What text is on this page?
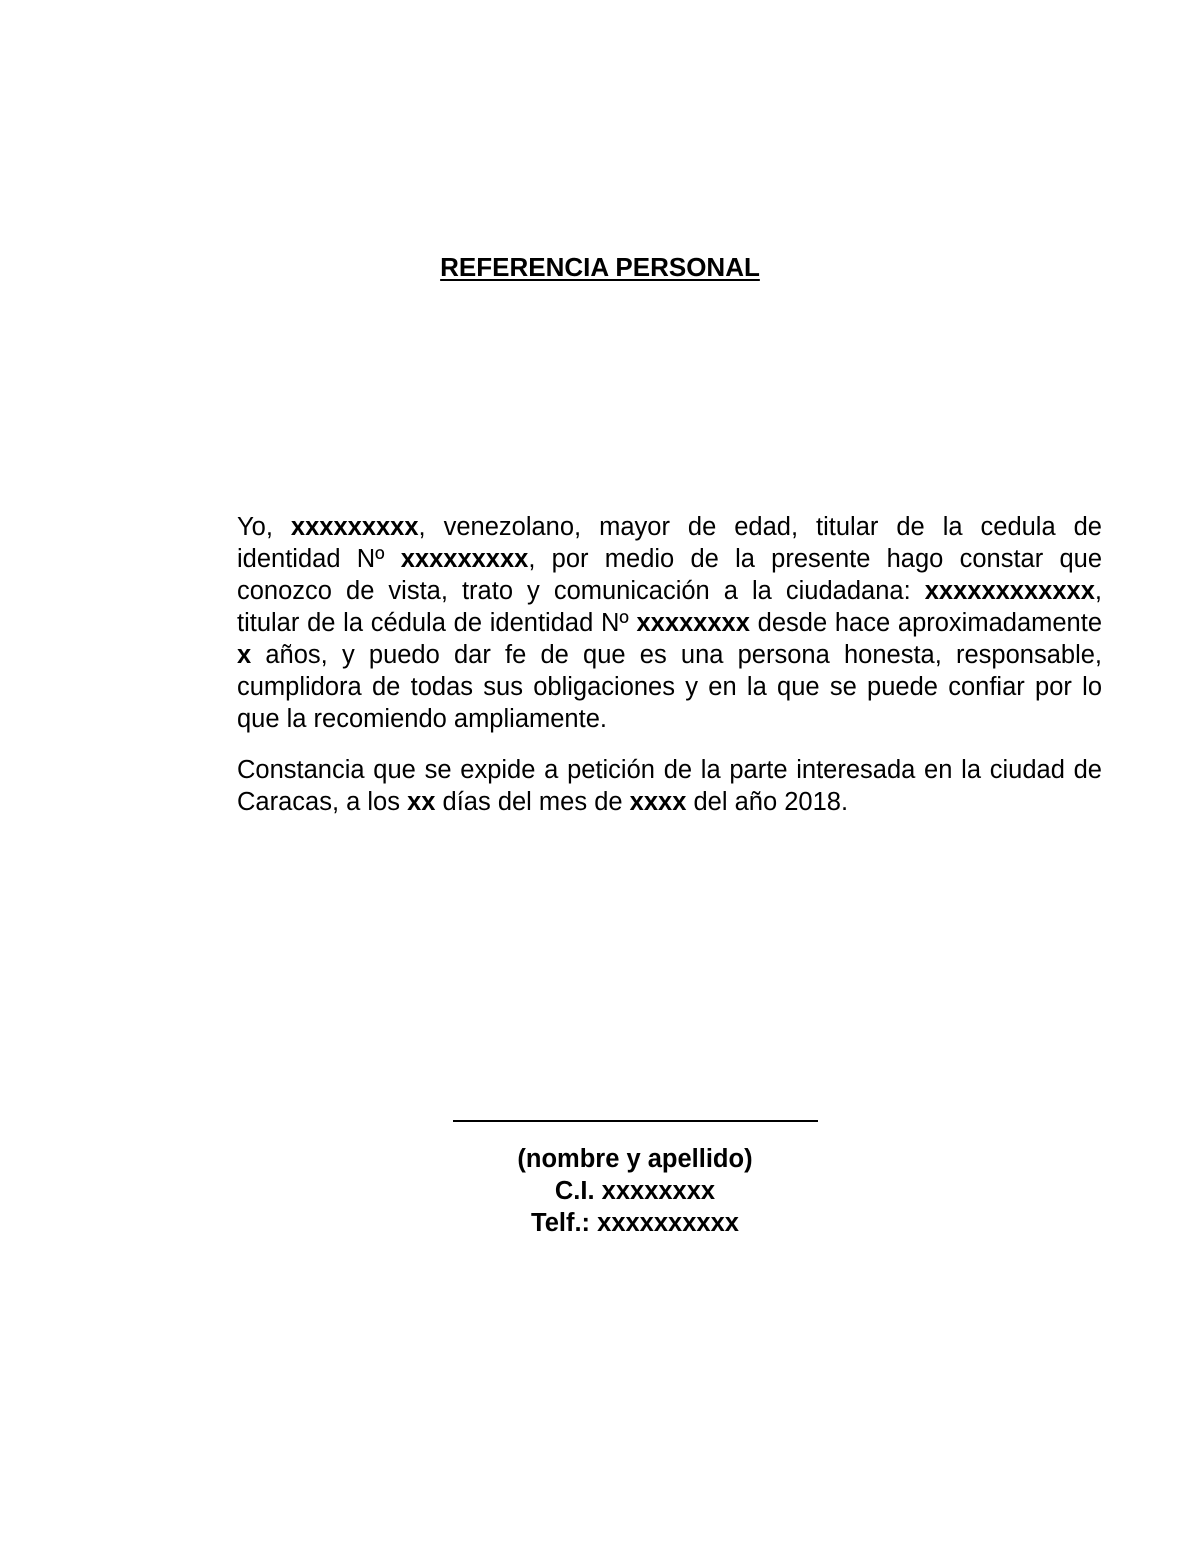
REFERENCIA PERSONAL

Yo, xxxxxxxxx, venezolano, mayor de edad, titular de la cedula de identidad Nº xxxxxxxxx, por medio de la presente hago constar que conozco de vista, trato y comunicación a la ciudadana: xxxxxxxxxxxx, titular de la cédula de identidad Nº xxxxxxxx desde hace aproximadamente x años, y puedo dar fe de que es una persona honesta, responsable, cumplidora de todas sus obligaciones y en la que se puede confiar por lo que la recomiendo ampliamente.

Constancia que se expide a petición de la parte interesada en la ciudad de Caracas, a los xx días del mes de xxxx del año 2018.

(nombre y apellido)
C.I. xxxxxxxx
Telf.: xxxxxxxxxx
